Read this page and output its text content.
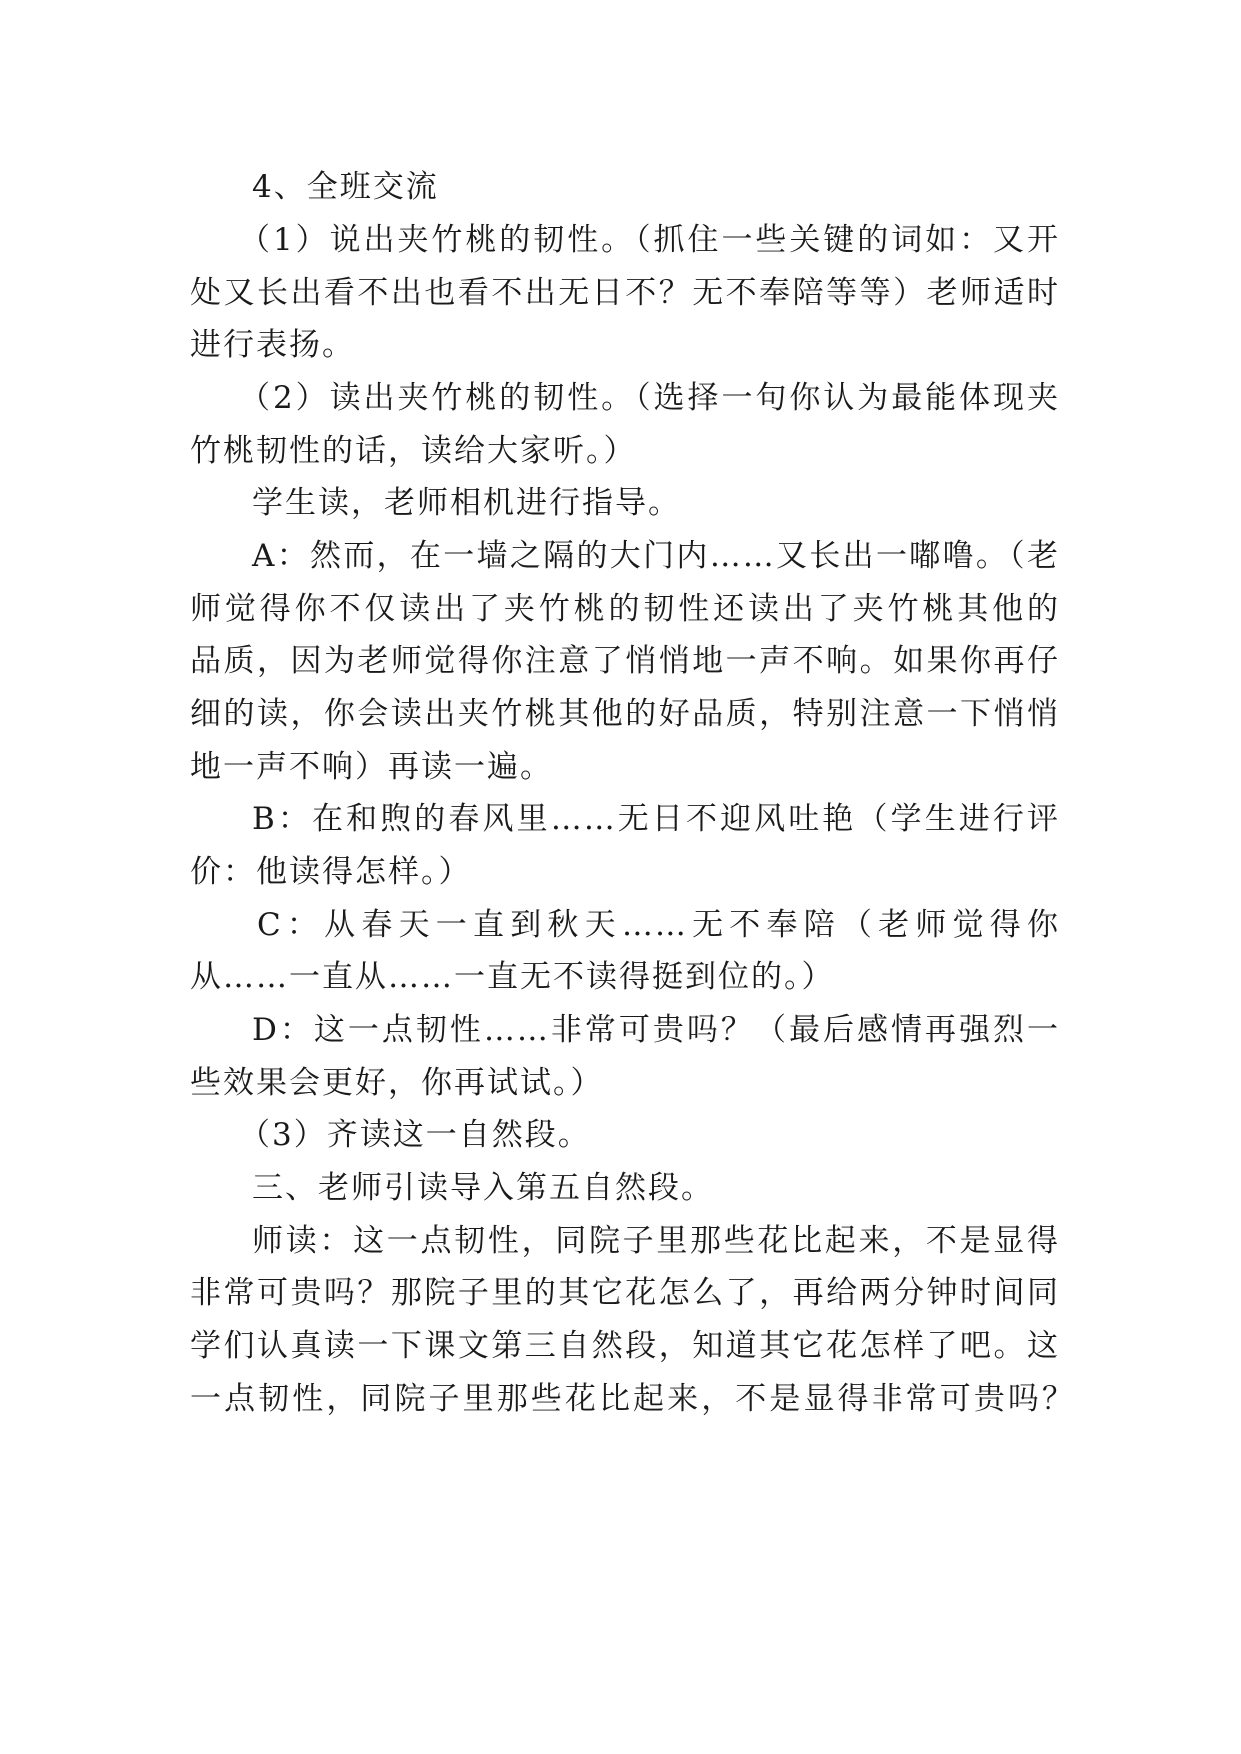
4、全班交流
（1）说出夹竹桃的韧性。（抓住一些关键的词如：又开
处又长出看不出也看不出无日不？无不奉陪等等）老师适时
进行表扬。
（2）读出夹竹桃的韧性。（选择一句你认为最能体现夹
竹桃韧性的话，读给大家听。）
学生读，老师相机进行指导。
A：然而，在一墙之隔的大门内……又长出一嘟噜。（老
师觉得你不仅读出了夹竹桃的韧性还读出了夹竹桃其他的
品质，因为老师觉得你注意了悄悄地一声不响。如果你再仔
细的读，你会读出夹竹桃其他的好品质，特别注意一下悄悄
地一声不响）再读一遍。
B：在和煦的春风里……无日不迎风吐艳（学生进行评
价：他读得怎样。）
C：从春天一直到秋天……无不奉陪（老师觉得你
从……一直从……一直无不读得挺到位的。）
D：这一点韧性……非常可贵吗？（最后感情再强烈一
些效果会更好，你再试试。）
（3）齐读这一自然段。
三、老师引读导入第五自然段。
师读：这一点韧性，同院子里那些花比起来，不是显得
非常可贵吗？那院子里的其它花怎么了，再给两分钟时间同
学们认真读一下课文第三自然段，知道其它花怎样了吧。这
一点韧性，同院子里那些花比起来，不是显得非常可贵吗？
